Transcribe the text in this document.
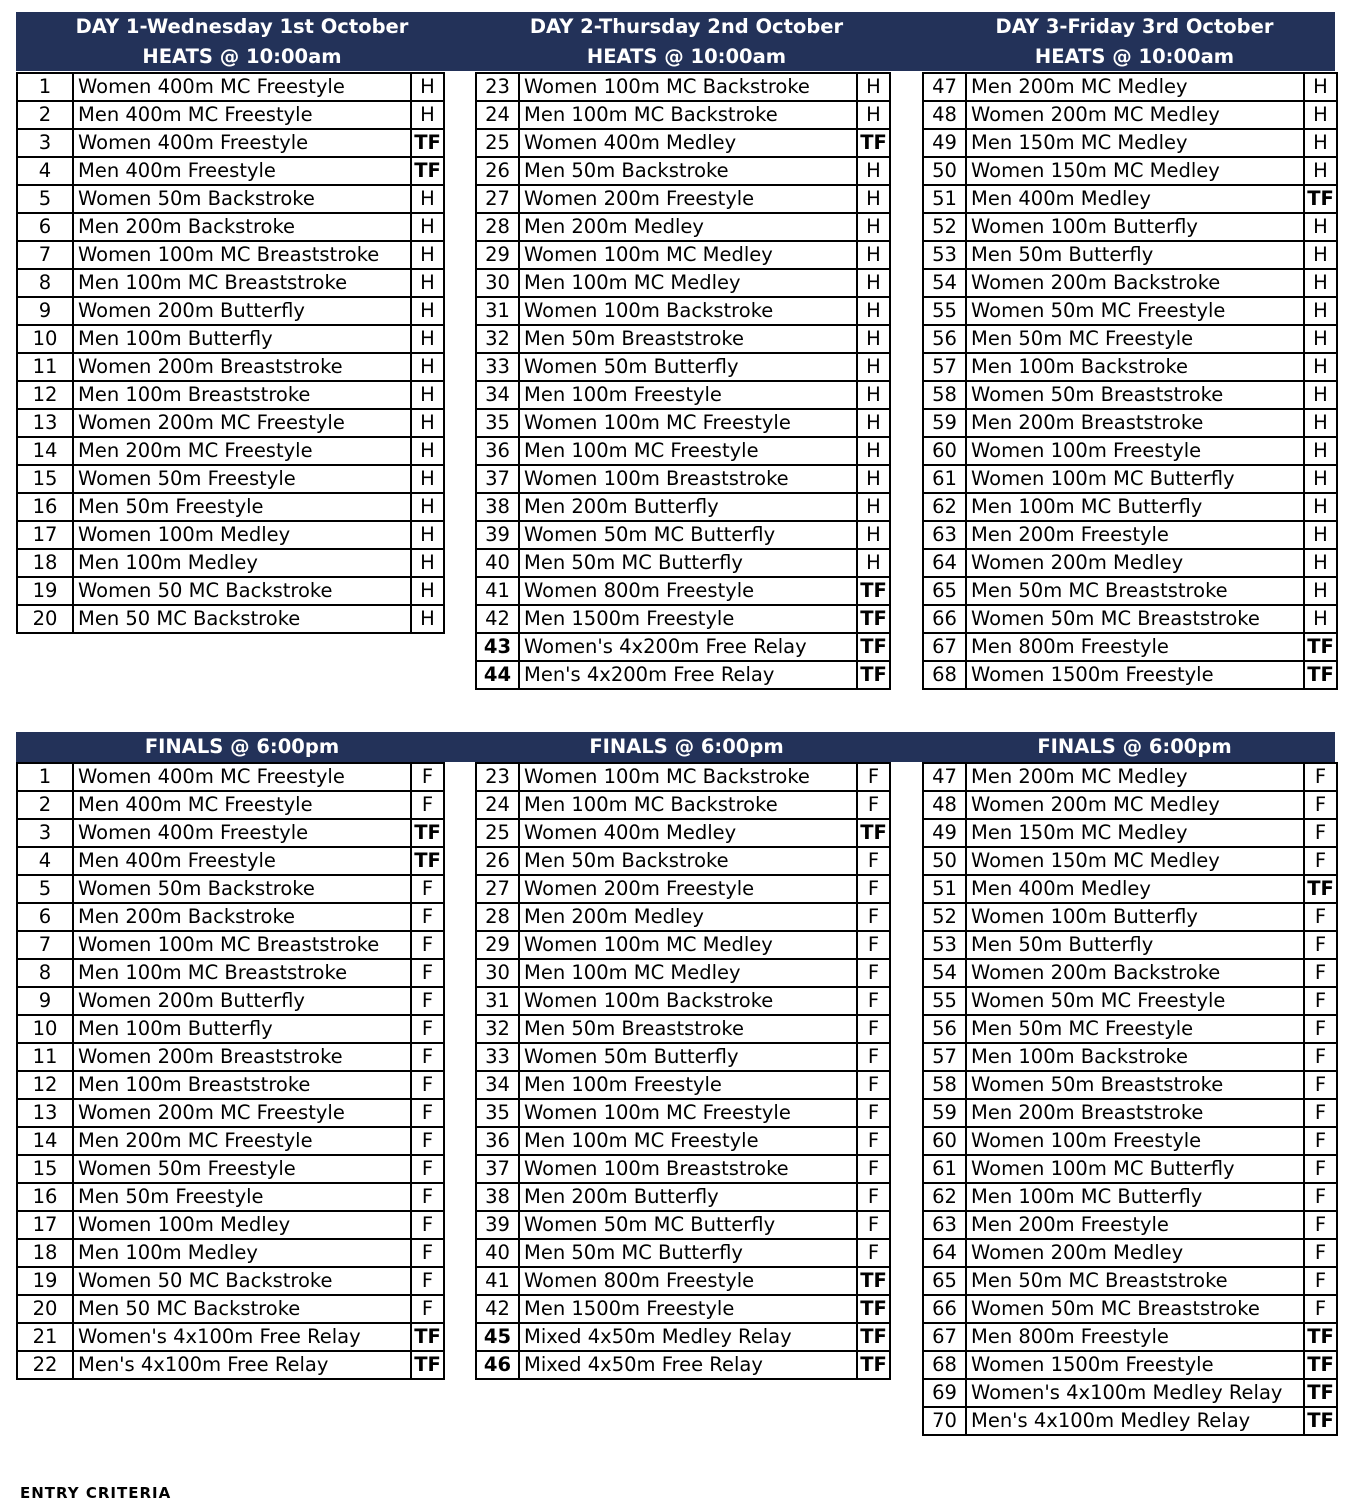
DAY 1-Wednesday 1st October
HEATS @ 10:00am
DAY 2-Thursday 2nd October
HEATS @ 10:00am
DAY 3-Friday 3rd October
HEATS @ 10:00am
FINALS @ 6:00pm	FINALS @ 6:00pm	FINALS @ 6:00pm
1	Women 400m MC Freestyle	H
2	Men 400m MC Freestyle	H
3	Women 400m Freestyle	TF
4	Men 400m Freestyle	TF
5	Women 50m Backstroke	H
6	Men 200m Backstroke	H
7	Women 100m MC Breaststroke	H
8	Men 100m MC Breaststroke	H
9	Women 200m Butterfly	H
10	Men 100m Butterfly	H
11	Women 200m Breaststroke	H
12	Men 100m Breaststroke	H
13	Women 200m MC Freestyle	H
14	Men 200m MC Freestyle	H
15	Women 50m Freestyle	H
16	Men 50m Freestyle	H
17	Women 100m Medley	H
18	Men 100m Medley	H
19	Women 50 MC Backstroke	H
20	Men 50 MC Backstroke	H
23	Women 100m MC Backstroke	H
24	Men 100m MC Backstroke	H
25	Women 400m Medley	TF
26	Men 50m Backstroke	H
27	Women 200m Freestyle	H
28	Men 200m Medley	H
29	Women 100m MC Medley	H
30	Men 100m MC Medley	H
31	Women 100m Backstroke	H
32	Men 50m Breaststroke	H
33	Women 50m Butterfly	H
34	Men 100m Freestyle	H
35	Women 100m MC Freestyle	H
36	Men 100m MC Freestyle	H
37	Women 100m Breaststroke	H
38	Men 200m Butterfly	H
39	Women 50m MC Butterfly	H
40	Men 50m MC Butterfly	H
41	Women 800m Freestyle	TF
42	Men 1500m Freestyle	TF
43	Women's 4x200m Free Relay	TF
44	Men's 4x200m Free Relay	TF
47	Men 200m MC Medley	H
48	Women 200m MC Medley	H
49	Men 150m MC Medley	H
50	Women 150m MC Medley	H
51	Men 400m Medley	TF
52	Women 100m Butterfly	H
53	Men 50m Butterfly	H
54	Women 200m Backstroke	H
55	Women 50m MC Freestyle	H
56	Men 50m MC Freestyle	H
57	Men 100m Backstroke	H
58	Women 50m Breaststroke	H
59	Men 200m Breaststroke	H
60	Women 100m Freestyle	H
61	Women 100m MC Butterfly	H
62	Men 100m MC Butterfly	H
63	Men 200m Freestyle	H
64	Women 200m Medley	H
65	Men 50m MC Breaststroke	H
66	Women 50m MC Breaststroke	H
67	Men 800m Freestyle	TF
68	Women 1500m Freestyle	TF
1	Women 400m MC Freestyle	F
2	Men 400m MC Freestyle	F
3	Women 400m Freestyle	TF
4	Men 400m Freestyle	TF
5	Women 50m Backstroke	F
6	Men 200m Backstroke	F
7	Women 100m MC Breaststroke	F
8	Men 100m MC Breaststroke	F
9	Women 200m Butterfly	F
10	Men 100m Butterfly	F
11	Women 200m Breaststroke	F
12	Men 100m Breaststroke	F
13	Women 200m MC Freestyle	F
14	Men 200m MC Freestyle	F
15	Women 50m Freestyle	F
16	Men 50m Freestyle	F
17	Women 100m Medley	F
18	Men 100m Medley	F
19	Women 50 MC Backstroke	F
20	Men 50 MC Backstroke	F
21	Women's 4x100m Free Relay	TF
22	Men's 4x100m Free Relay	TF
23	Women 100m MC Backstroke	F
24	Men 100m MC Backstroke	F
25	Women 400m Medley	TF
26	Men 50m Backstroke	F
27	Women 200m Freestyle	F
28	Men 200m Medley	F
29	Women 100m MC Medley	F
30	Men 100m MC Medley	F
31	Women 100m Backstroke	F
32	Men 50m Breaststroke	F
33	Women 50m Butterfly	F
34	Men 100m Freestyle	F
35	Women 100m MC Freestyle	F
36	Men 100m MC Freestyle	F
37	Women 100m Breaststroke	F
38	Men 200m Butterfly	F
39	Women 50m MC Butterfly	F
40	Men 50m MC Butterfly	F
41	Women 800m Freestyle	TF
42	Men 1500m Freestyle	TF
45	Mixed 4x50m Medley Relay	TF
46	Mixed 4x50m Free Relay	TF
47	Men 200m MC Medley	F
48	Women 200m MC Medley	F
49	Men 150m MC Medley	F
50	Women 150m MC Medley	F
51	Men 400m Medley	TF
52	Women 100m Butterfly	F
53	Men 50m Butterfly	F
54	Women 200m Backstroke	F
55	Women 50m MC Freestyle	F
56	Men 50m MC Freestyle	F
57	Men 100m Backstroke	F
58	Women 50m Breaststroke	F
59	Men 200m Breaststroke	F
60	Women 100m Freestyle	F
61	Women 100m MC Butterfly	F
62	Men 100m MC Butterfly	F
63	Men 200m Freestyle	F
64	Women 200m Medley	F
65	Men 50m MC Breaststroke	F
66	Women 50m MC Breaststroke	F
67	Men 800m Freestyle	TF
68	Women 1500m Freestyle	TF
69	Women's 4x100m Medley Relay	TF
70	Men's 4x100m Medley Relay	TF
ENTRY CRITERIA
